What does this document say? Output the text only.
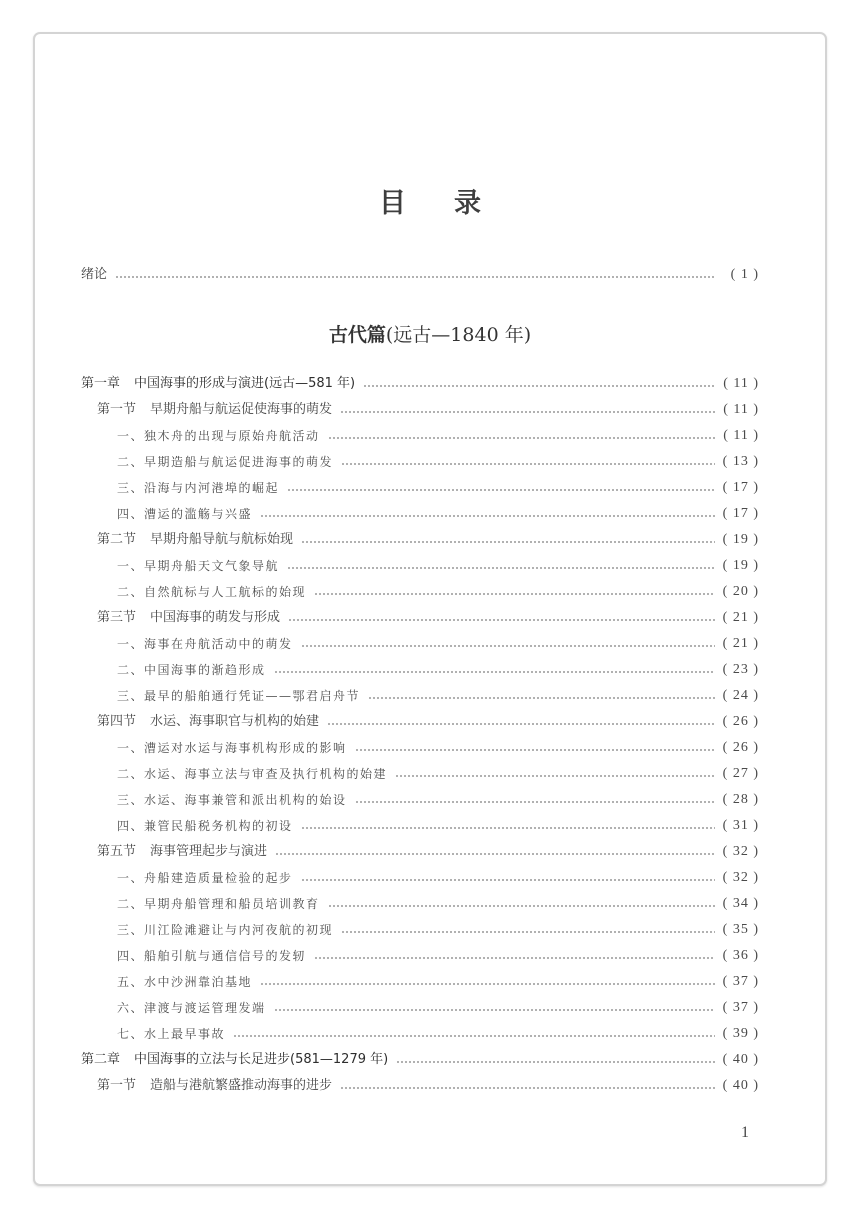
目 录
绪论	( 1 )
古代篇(远古—1840 年)
第一章 中国海事的形成与演进(远古—581 年)	( 11 )
第一节 早期舟船与航运促使海事的萌发	( 11 )
一、独木舟的出现与原始舟航活动	( 11 )
二、早期造船与航运促进海事的萌发	( 13 )
三、沿海与内河港埠的崛起	( 17 )
四、漕运的滥觞与兴盛	( 17 )
第二节 早期舟船导航与航标始现	( 19 )
一、早期舟船天文气象导航	( 19 )
二、自然航标与人工航标的始现	( 20 )
第三节 中国海事的萌发与形成	( 21 )
一、海事在舟航活动中的萌发	( 21 )
二、中国海事的渐趋形成	( 23 )
三、最早的船舶通行凭证——鄂君启舟节	( 24 )
第四节 水运、海事职官与机构的始建	( 26 )
一、漕运对水运与海事机构形成的影响	( 26 )
二、水运、海事立法与审查及执行机构的始建	( 27 )
三、水运、海事兼管和派出机构的始设	( 28 )
四、兼管民船税务机构的初设	( 31 )
第五节 海事管理起步与演进	( 32 )
一、舟船建造质量检验的起步	( 32 )
二、早期舟船管理和船员培训教育	( 34 )
三、川江险滩避让与内河夜航的初现	( 35 )
四、船舶引航与通信信号的发轫	( 36 )
五、水中沙洲靠泊基地	( 37 )
六、津渡与渡运管理发端	( 37 )
七、水上最早事故	( 39 )
第二章 中国海事的立法与长足进步(581—1279 年)	( 40 )
第一节 造船与港航繁盛推动海事的进步	( 40 )
1
